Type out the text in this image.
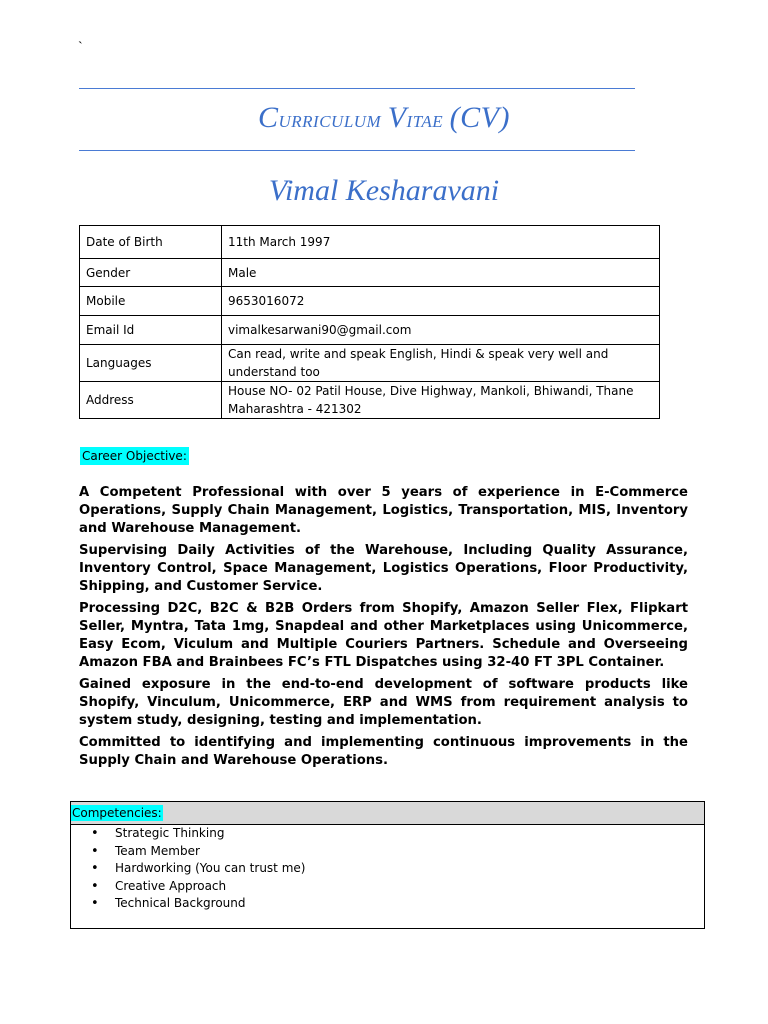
`
Curriculum Vitae (CV)
Vimal Kesharavani
Date of Birth	11th March 1997
Gender	Male
Mobile	9653016072
Email Id	vimalkesarwani90@gmail.com
Languages	Can read, write and speak English, Hindi & speak very well and understand too
Address	House NO- 02 Patil House, Dive Highway, Mankoli, Bhiwandi, Thane Maharashtra - 421302
Career Objective:

A Competent Professional with over 5 years of experience in E-Commerce Operations, Supply Chain Management, Logistics, Transportation, MIS, Inventory and Warehouse Management.

Supervising Daily Activities of the Warehouse, Including Quality Assurance, Inventory Control, Space Management, Logistics Operations, Floor Productivity, Shipping, and Customer Service.

Processing D2C, B2C & B2B Orders from Shopify, Amazon Seller Flex, Flipkart Seller, Myntra, Tata 1mg, Snapdeal and other Marketplaces using Unicommerce, Easy Ecom, Viculum and Multiple Couriers Partners. Schedule and Overseeing Amazon FBA and Brainbees FC’s FTL Dispatches using 32-40 FT 3PL Container.

Gained exposure in the end-to-end development of software products like Shopify, Vinculum, Unicommerce, ERP and WMS from requirement analysis to system study, designing, testing and implementation.

Committed to identifying and implementing continuous improvements in the Supply Chain and Warehouse Operations.

Competencies:
• Strategic Thinking
• Team Member
• Hardworking (You can trust me)
• Creative Approach
• Technical Background
